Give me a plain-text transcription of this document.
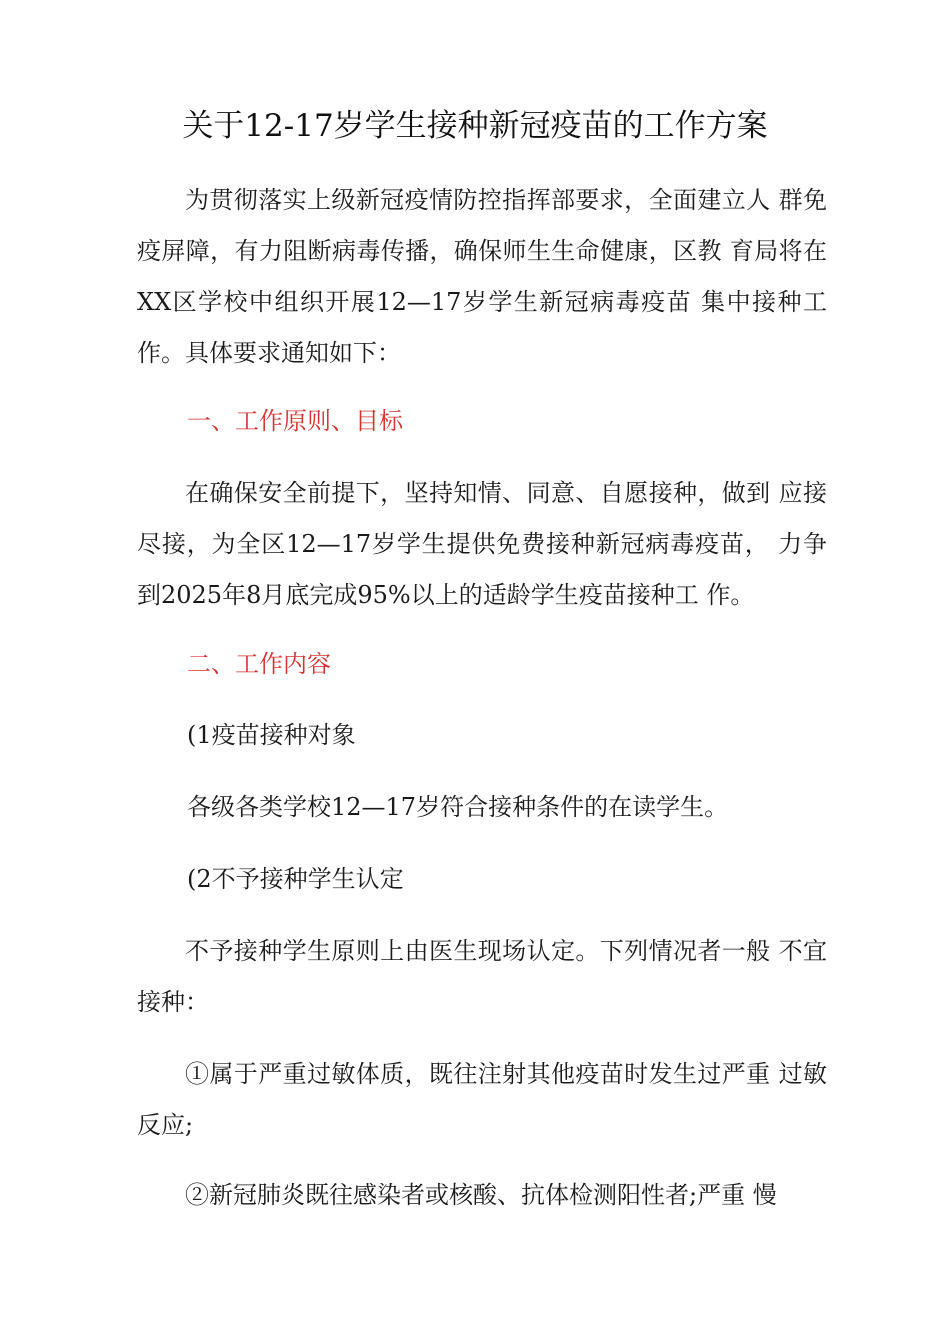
关于12-17岁学生接种新冠疫苗的工作方案
为贯彻落实上级新冠疫情防控指挥部要求，全面建立人 群免疫屏障，有力阻断病毒传播，确保师生生命健康，区教 育局将在XX区学校中组织开展12—17岁学生新冠病毒疫苗 集中接种工作。具体要求通知如下：
一、工作原则、目标
在确保安全前提下，坚持知情、同意、自愿接种，做到 应接尽接，为全区12—17岁学生提供免费接种新冠病毒疫苗， 力争到2025年8月底完成95%以上的适龄学生疫苗接种工 作。
二、工作内容
(1疫苗接种对象
各级各类学校12—17岁符合接种条件的在读学生。
(2不予接种学生认定
不予接种学生原则上由医生现场认定。下列情况者一般 不宜接种：
①属于严重过敏体质，既往注射其他疫苗时发生过严重 过敏反应;
②新冠肺炎既往感染者或核酸、抗体检测阳性者;严重 慢
